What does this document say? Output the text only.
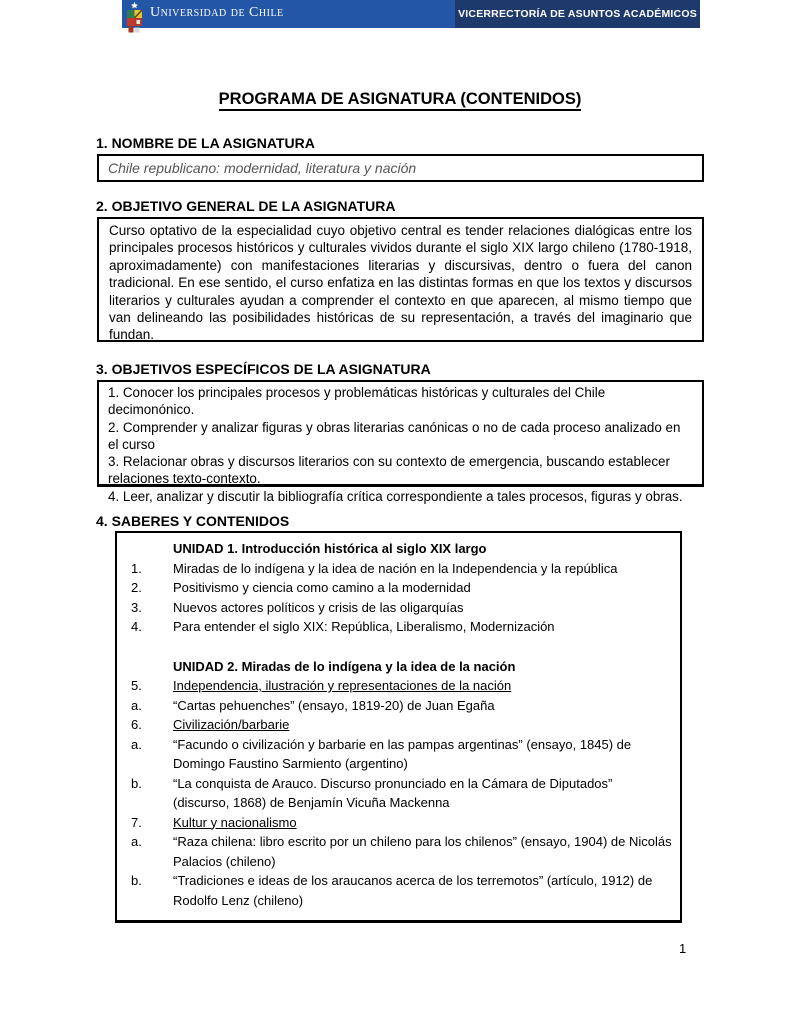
Universidad de Chile	VICERRECTORÍA DE ASUNTOS ACADÉMICOS
PROGRAMA DE ASIGNATURA (CONTENIDOS)
1. NOMBRE DE LA ASIGNATURA
Chile republicano: modernidad, literatura y nación
2. OBJETIVO GENERAL DE LA ASIGNATURA

Curso optativo de la especialidad cuyo objetivo central es tender relaciones dialógicas entre los principales procesos históricos y culturales vividos durante el siglo XIX largo chileno (1780-1918, aproximadamente) con manifestaciones literarias y discursivas, dentro o fuera del canon tradicional. En ese sentido, el curso enfatiza en las distintas formas en que los textos y discursos literarios y culturales ayudan a comprender el contexto en que aparecen, al mismo tiempo que van delineando las posibilidades históricas de su representación, a través del imaginario que fundan.

3. OBJETIVOS ESPECÍFICOS DE LA ASIGNATURA
1. Conocer los principales procesos y problemáticas históricas y culturales del Chile decimonónico.
2. Comprender y analizar figuras y obras literarias canónicas o no de cada proceso analizado en el curso
3. Relacionar obras y discursos literarios con su contexto de emergencia, buscando establecer relaciones texto-contexto.
4. Leer, analizar y discutir la bibliografía crítica correspondiente a tales procesos, figuras y obras.
4. SABERES Y CONTENIDOS
UNIDAD 1. Introducción histórica al siglo XIX largo
1.	Miradas de lo indígena y la idea de nación en la Independencia y la república
2.	Positivismo y ciencia como camino a la modernidad
3.	Nuevos actores políticos y crisis de las oligarquías
4.	Para entender el siglo XIX: República, Liberalismo, Modernización
UNIDAD 2. Miradas de lo indígena y la idea de la nación
5.	Independencia, ilustración y representaciones de la nación
a.	“Cartas pehuenches” (ensayo, 1819-20) de Juan Egaña
6.	Civilización/barbarie
a.	“Facundo o civilización y barbarie en las pampas argentinas” (ensayo, 1845) de Domingo Faustino Sarmiento (argentino)
b.	“La conquista de Arauco. Discurso pronunciado en la Cámara de Diputados” (discurso, 1868) de Benjamín Vicuña Mackenna
7.	Kultur y nacionalismo
a.	“Raza chilena: libro escrito por un chileno para los chilenos” (ensayo, 1904) de Nicolás Palacios (chileno)
b.	“Tradiciones e ideas de los araucanos acerca de los terremotos” (artículo, 1912) de Rodolfo Lenz (chileno)
1
